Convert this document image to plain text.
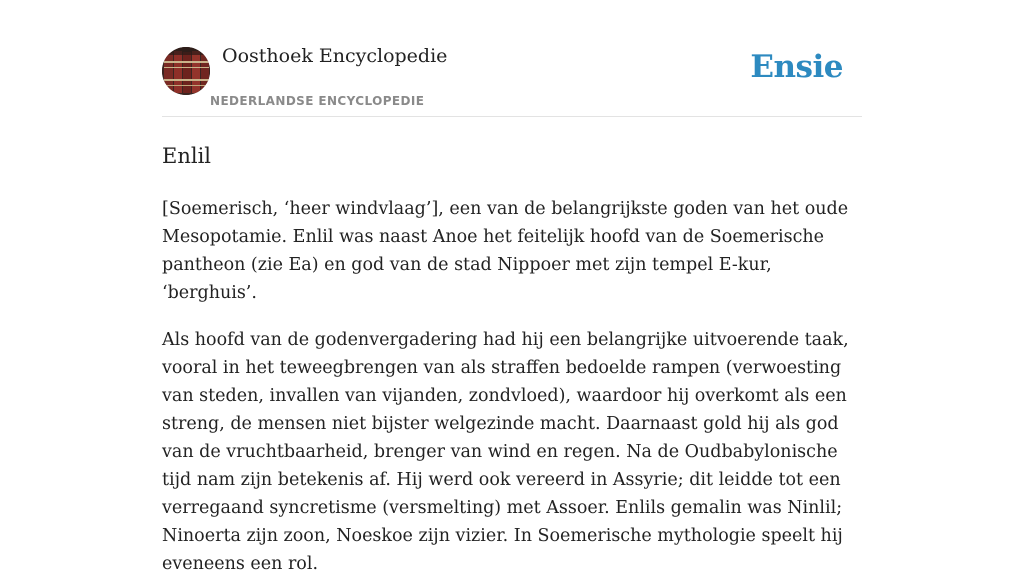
Oosthoek Encyclopedie
NEDERLANDSE ENCYCLOPEDIE
Ensie
Enlil

[Soemerisch, ‘heer windvlaag’], een van de belangrijkste goden van het oude Mesopotamie. Enlil was naast Anoe het feitelijk hoofd van de Soemerische pantheon (zie Ea) en god van de stad Nippoer met zijn tempel E-kur, ‘berghuis’.

Als hoofd van de godenvergadering had hij een belangrijke uitvoerende taak, vooral in het teweegbrengen van als straffen bedoelde rampen (verwoesting van steden, invallen van vijanden, zondvloed), waardoor hij overkomt als een streng, de mensen niet bijster welgezinde macht. Daarnaast gold hij als god van de vruchtbaarheid, brenger van wind en regen. Na de Oudbabylonische tijd nam zijn betekenis af. Hij werd ook vereerd in Assyrie; dit leidde tot een verregaand syncretisme (versmelting) met Assoer. Enlils gemalin was Ninlil; Ninoerta zijn zoon, Noeskoe zijn vizier. In Soemerische mythologie speelt hij eveneens een rol.
